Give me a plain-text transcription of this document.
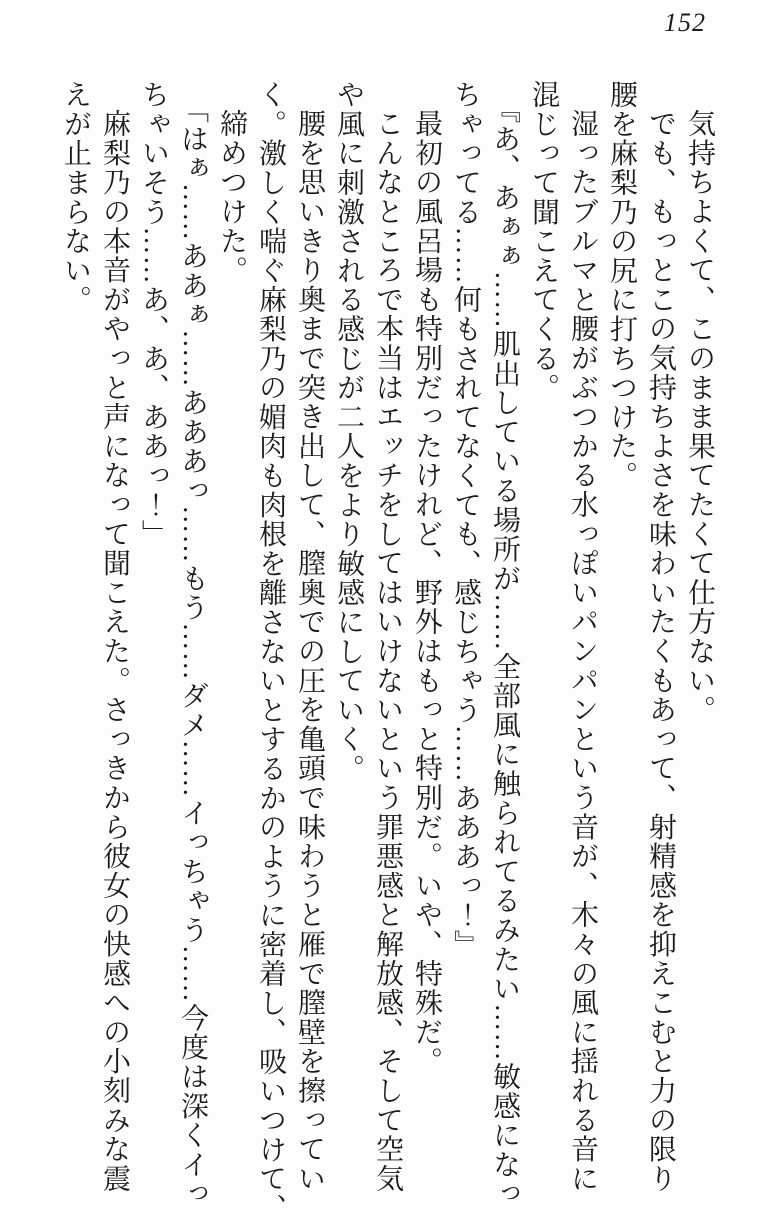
152

気持ちよくて、このまま果てたくて仕方ない。

でも、もっとこの気持ちよさを味わいたくもあって、射精感を抑えこむと力の限り

腰を麻梨乃の尻に打ちつけた。

湿ったブルマと腰がぶつかる水っぽいパンパンという音が、木々の風に揺れる音に

混じって聞こえてくる。

『あ、あぁぁ……肌出している場所が……全部風に触られてるみたい……敏感になっ

ちゃってる……何もされてなくても、感じちゃう……あああっ！』

最初の風呂場も特別だったけれど、野外はもっと特別だ。いや、特殊だ。

こんなところで本当はエッチをしてはいけないという罪悪感と解放感、そして空気

や風に刺激される感じが二人をより敏感にしていく。

腰を思いきり奥まで突き出して、膣奥での圧を亀頭で味わうと雁で膣壁を擦ってい

く。激しく喘ぐ麻梨乃の媚肉も肉根を離さないとするかのように密着し、吸いつけて、

締めつけた。

「はぁ……ああぁ……あああっ……もう……ダメ……イっちゃう……今度は深くイっ

ちゃいそう……あ、あ、ああっ！」

麻梨乃の本音がやっと声になって聞こえた。さっきから彼女の快感への小刻みな震

えが止まらない。
